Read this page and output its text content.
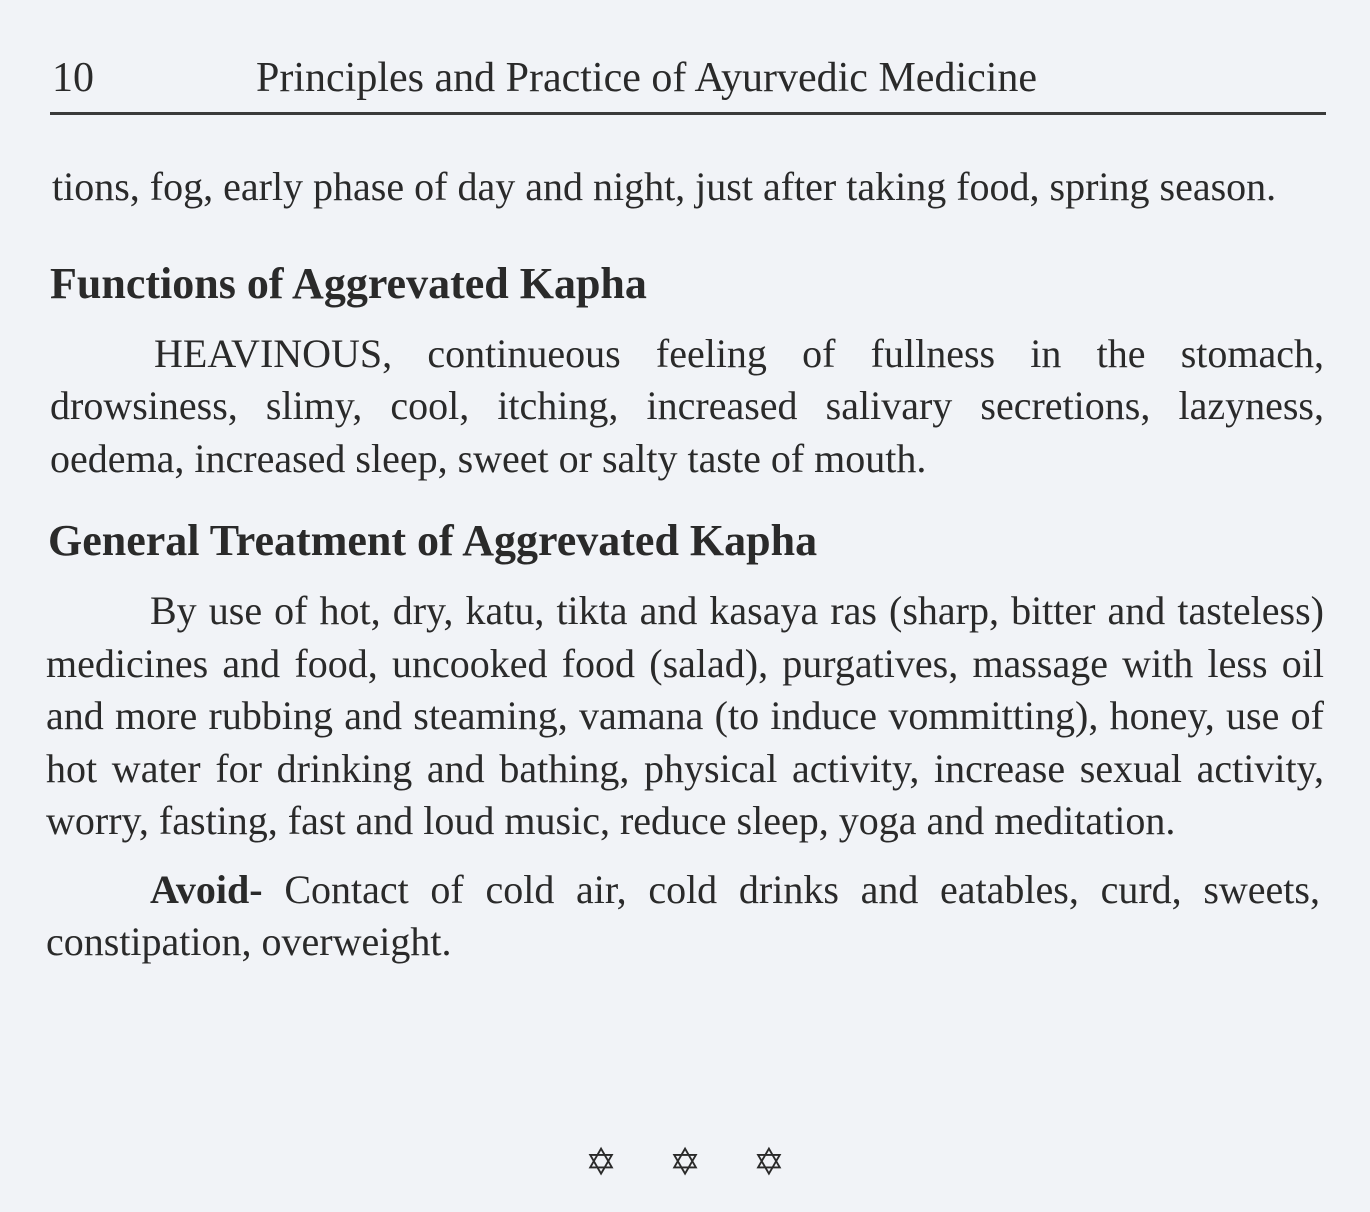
10	Principles and Practice of Ayurvedic Medicine

tions, fog, early phase of day and night, just after taking food, spring season.

Functions of Aggrevated Kapha

HEAVINOUS, continueous feeling of fullness in the stomach, drowsiness, slimy, cool, itching, increased salivary secretions, lazyness, oedema, increased sleep, sweet or salty taste of mouth.

General Treatment of Aggrevated Kapha

By use of hot, dry, katu, tikta and kasaya ras (sharp, bitter and tasteless) medicines and food, uncooked food (salad), purgatives, massage with less oil and more rubbing and steaming, vamana (to induce vommitting), honey, use of hot water for drinking and bathing, physical activity, increase sexual activity, worry, fasting, fast and loud music, reduce sleep, yoga and meditation.

Avoid- Contact of cold air, cold drinks and eatables, curd, sweets, constipation, overweight.

✡ ✡ ✡
